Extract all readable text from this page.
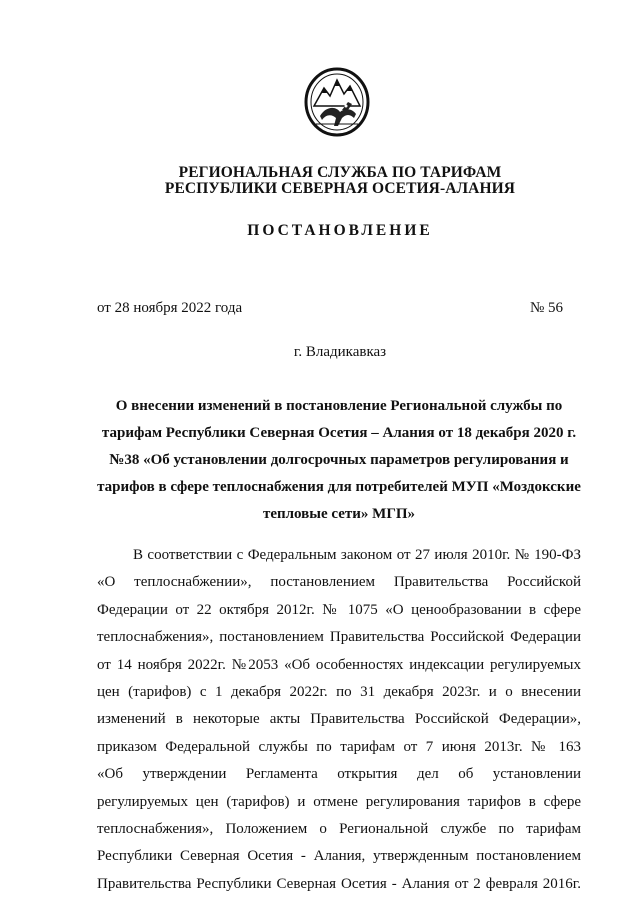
РЕГИОНАЛЬНАЯ СЛУЖБА ПО ТАРИФАМ
РЕСПУБЛИКИ СЕВЕРНАЯ ОСЕТИЯ-АЛАНИЯ
ПОСТАНОВЛЕНИЕ
от 28 ноября 2022 года	№ 56
г. Владикавказ
О внесении изменений в постановление Региональной службы по
тарифам Республики Северная Осетия – Алания от 18 декабря 2020 г.
№38 «Об установлении долгосрочных параметров регулирования и
тарифов в сфере теплоснабжения для потребителей МУП «Моздокские
тепловые сети» МГП»
В соответствии с Федеральным законом от 27 июля 2010г. № 190-ФЗ
«О теплоснабжении», постановлением Правительства Российской
Федерации от 22 октября 2012г. № 1075 «О ценообразовании в сфере
теплоснабжения», постановлением Правительства Российской Федерации
от 14 ноября 2022г. №2053 «Об особенностях индексации регулируемых
цен (тарифов) с 1 декабря 2022г. по 31 декабря 2023г. и о внесении
изменений в некоторые акты Правительства Российской Федерации»,
приказом Федеральной службы по тарифам от 7 июня 2013г. № 163
«Об утверждении Регламента открытия дел об установлении
регулируемых цен (тарифов) и отмене регулирования тарифов в сфере
теплоснабжения», Положением о Региональной службе по тарифам
Республики Северная Осетия - Алания, утвержденным постановлением
Правительства Республики Северная Осетия - Алания от 2 февраля 2016г.
